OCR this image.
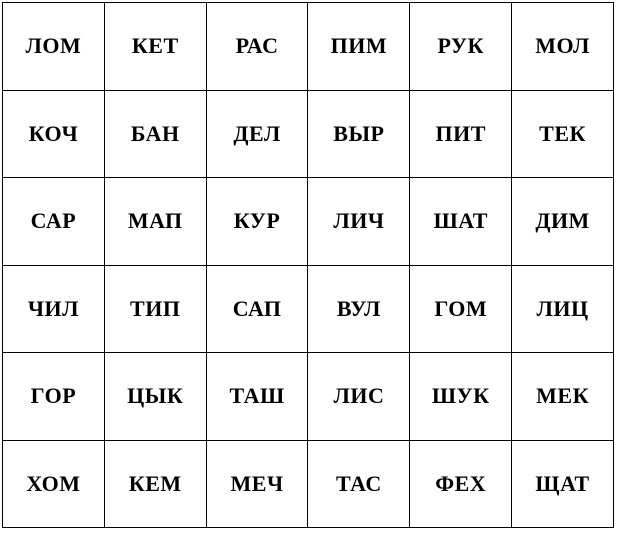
ЛОМ	КЕТ	РАС	ПИМ	РУК	МОЛ
КОЧ	БАН	ДЕЛ	ВЫР	ПИТ	ТЕК
САР	МАП	КУР	ЛИЧ	ШАТ	ДИМ
ЧИЛ	ТИП	САП	ВУЛ	ГОМ	ЛИЦ
ГОР	ЦЫК	ТАШ	ЛИС	ШУК	МЕК
ХОМ	КЕМ	МЕЧ	ТАС	ФЕХ	ЩАТ
